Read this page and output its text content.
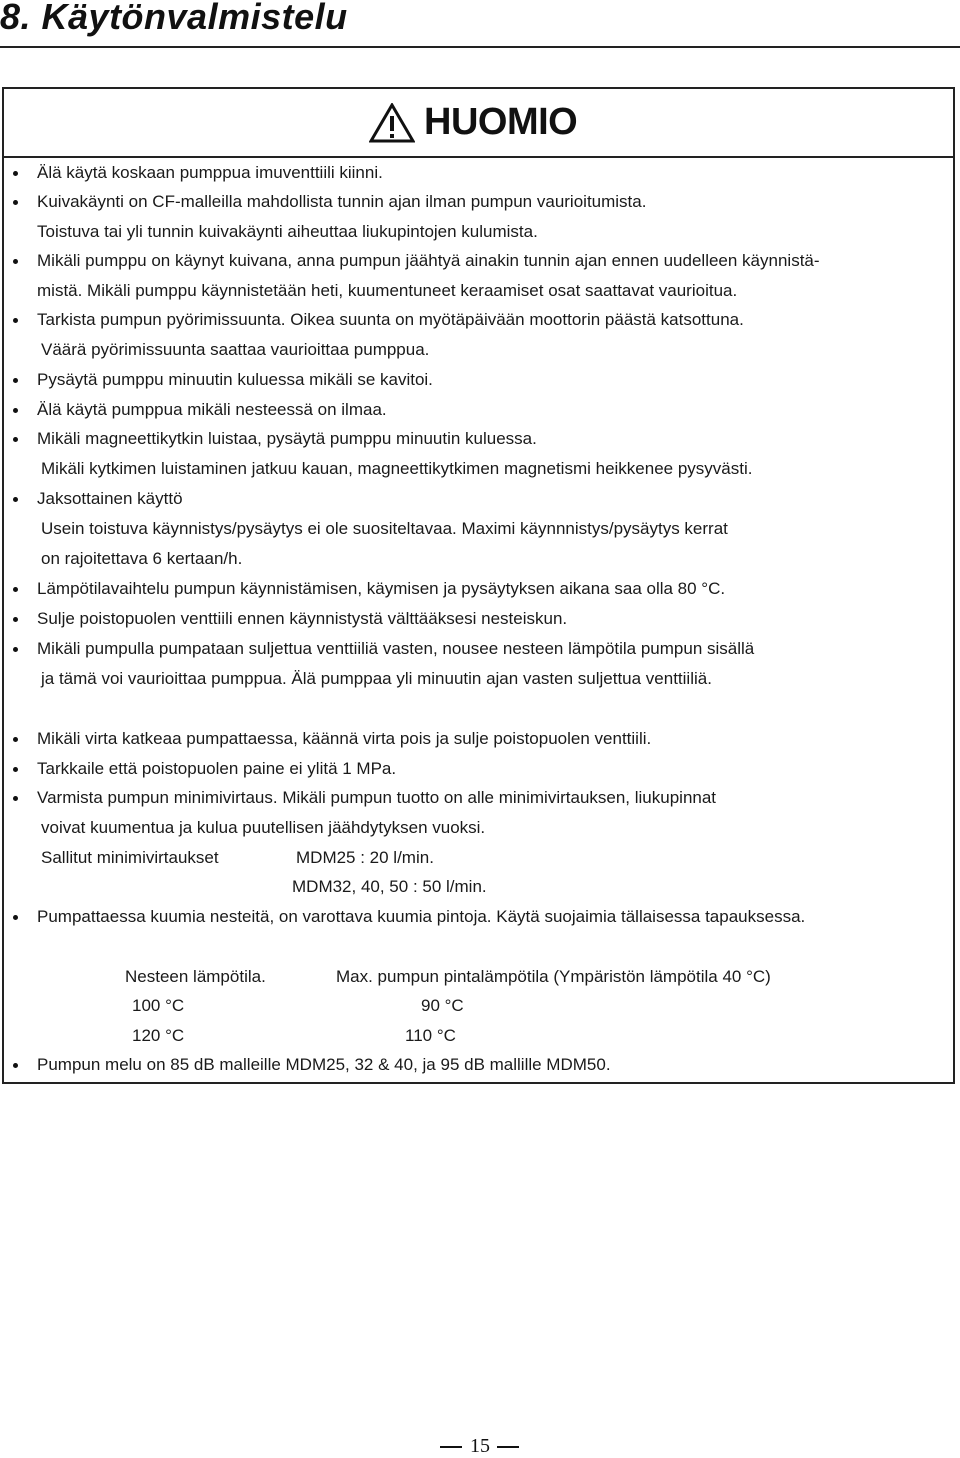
8. Käytönvalmistelu
HUOMIO
Älä käytä koskaan pumppua imuventtiili kiinni.
Kuivakäynti on CF-malleilla mahdollista tunnin ajan ilman pumpun vaurioitumista.
Toistuva tai yli tunnin kuivakäynti aiheuttaa liukupintojen kulumista.
Mikäli pumppu on käynyt kuivana, anna pumpun jäähtyä ainakin tunnin ajan ennen uudelleen käynnistä-
mistä. Mikäli pumppu käynnistetään heti, kuumentuneet keraamiset osat saattavat vaurioitua.
Tarkista pumpun pyörimissuunta. Oikea suunta on myötäpäivään moottorin päästä katsottuna.
Väärä pyörimissuunta saattaa vaurioittaa pumppua.
Pysäytä pumppu minuutin kuluessa mikäli se kavitoi.
Älä käytä pumppua mikäli nesteessä on ilmaa.
Mikäli magneettikytkin luistaa, pysäytä pumppu minuutin kuluessa.
Mikäli kytkimen luistaminen jatkuu kauan, magneettikytkimen magnetismi heikkenee pysyvästi.
Jaksottainen käyttö
Usein toistuva käynnistys/pysäytys ei ole suositeltavaa. Maximi käynnnistys/pysäytys kerrat
on rajoitettava 6 kertaan/h.
Lämpötilavaihtelu pumpun käynnistämisen, käymisen ja pysäytyksen aikana saa olla 80 °C.
Sulje poistopuolen venttiili ennen käynnistystä välttääksesi nesteiskun.
Mikäli pumpulla pumpataan suljettua venttiiliä vasten, nousee nesteen lämpötila pumpun sisällä
ja tämä voi vaurioittaa pumppua. Älä pumppaa yli minuutin ajan vasten suljettua venttiiliä.
Mikäli virta katkeaa pumpattaessa, käännä virta pois ja sulje poistopuolen venttiili.
Tarkkaile että poistopuolen paine ei ylitä 1 MPa.
Varmista pumpun minimivirtaus. Mikäli pumpun tuotto on alle minimivirtauksen, liukupinnat
voivat kuumentua ja kulua puutellisen jäähdytyksen vuoksi.
Sallitut minimivirtaukset	MDM25 : 20 l/min.
MDM32, 40, 50 : 50 l/min.
Pumpattaessa kuumia nesteitä, on varottava kuumia pintoja. Käytä suojaimia tällaisessa tapauksessa.
Nesteen lämpötila.	Max. pumpun pintalämpötila (Ympäristön lämpötila 40 °C)
100 °C	90 °C
120 °C	110 °C
Pumpun melu on 85 dB malleille MDM25, 32 & 40, ja 95 dB mallille MDM50.
15
